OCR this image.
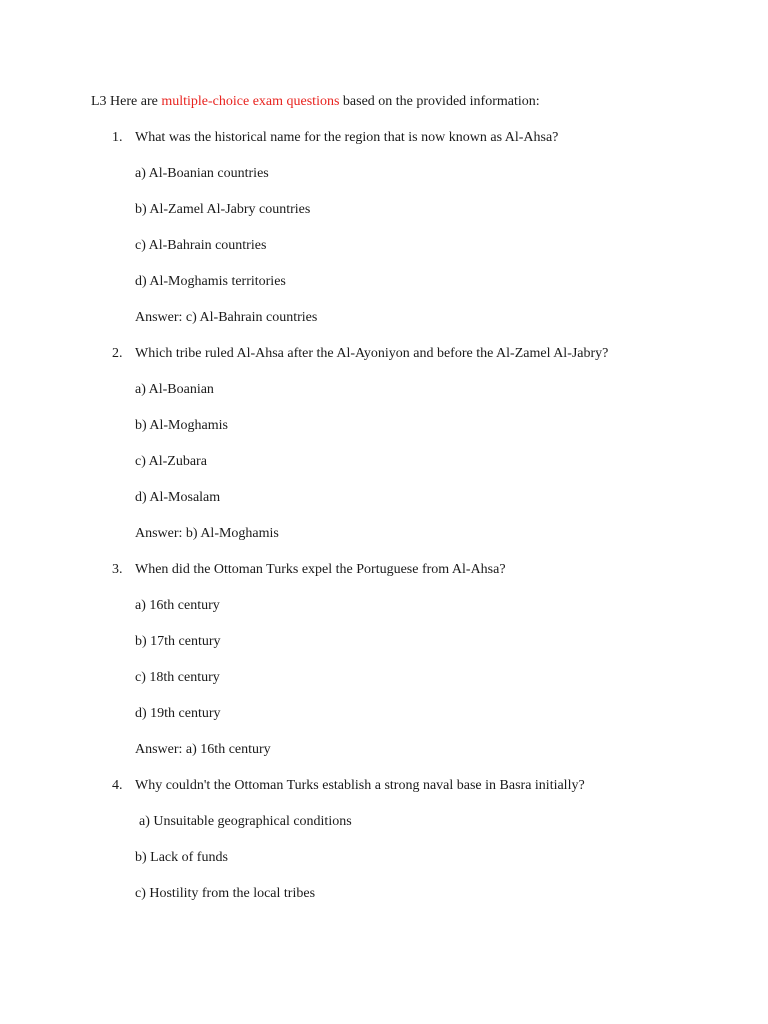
L3 Here are multiple-choice exam questions based on the provided information:
1. What was the historical name for the region that is now known as Al-Ahsa?
a) Al-Boanian countries
b) Al-Zamel Al-Jabry countries
c) Al-Bahrain countries
d) Al-Moghamis territories
Answer: c) Al-Bahrain countries
2. Which tribe ruled Al-Ahsa after the Al-Ayoniyon and before the Al-Zamel Al-Jabry?
a) Al-Boanian
b) Al-Moghamis
c) Al-Zubara
d) Al-Mosalam
Answer: b) Al-Moghamis
3. When did the Ottoman Turks expel the Portuguese from Al-Ahsa?
a) 16th century
b) 17th century
c) 18th century
d) 19th century
Answer: a) 16th century
4. Why couldn't the Ottoman Turks establish a strong naval base in Basra initially?
a) Unsuitable geographical conditions
b) Lack of funds
c) Hostility from the local tribes
